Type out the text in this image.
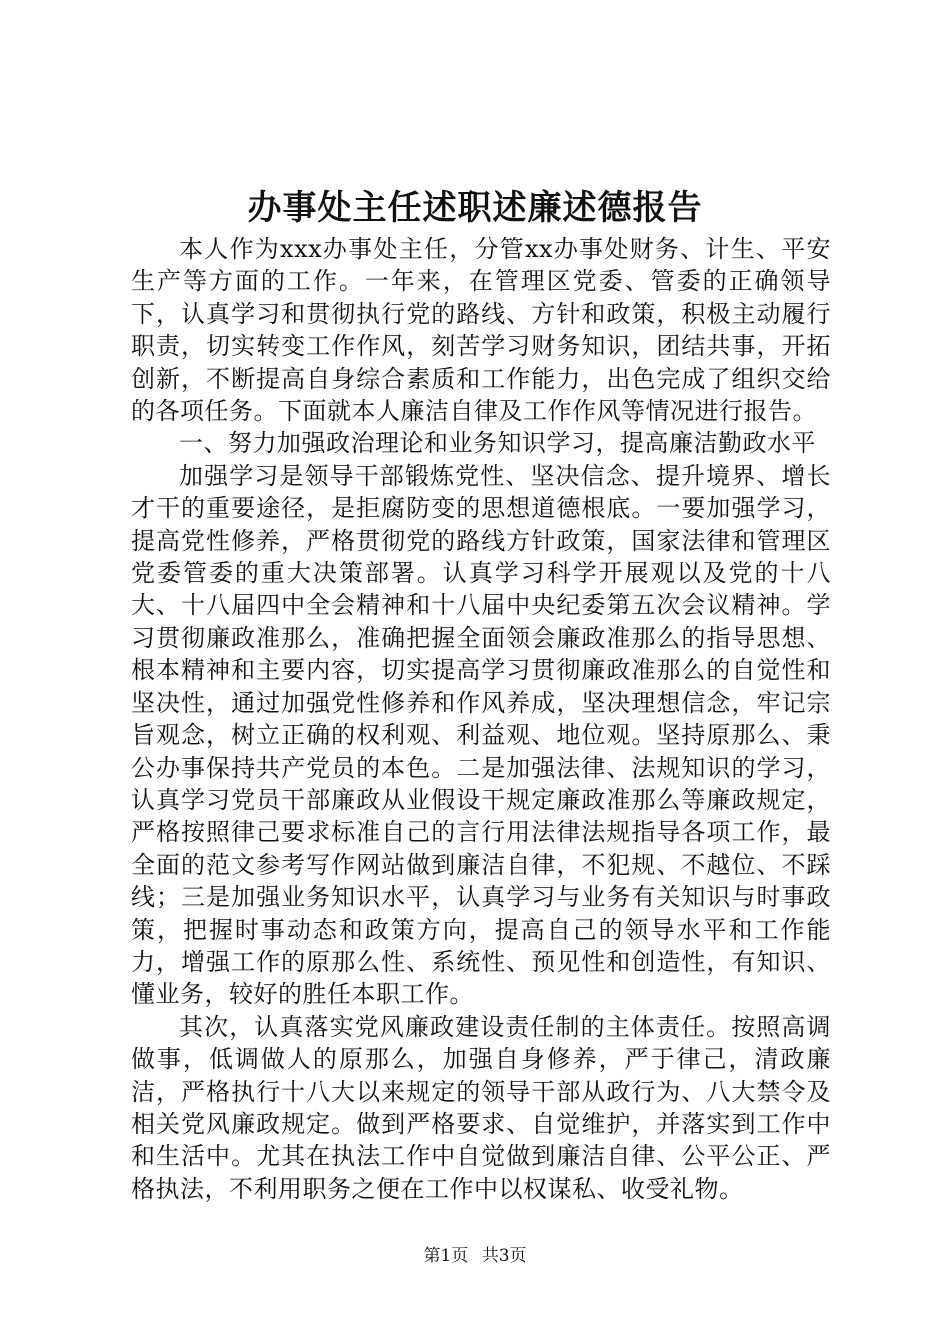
办事处主任述职述廉述德报告

本人作为xxx办事处主任，分管xx办事处财务、计生、平安生产等方面的工作。一年来，在管理区党委、管委的正确领导下，认真学习和贯彻执行党的路线、方针和政策，积极主动履行职责，切实转变工作作风，刻苦学习财务知识，团结共事，开拓创新，不断提高自身综合素质和工作能力，出色完成了组织交给的各项任务。下面就本人廉洁自律及工作作风等情况进行报告。

一、努力加强政治理论和业务知识学习，提高廉洁勤政水平

加强学习是领导干部锻炼党性、坚决信念、提升境界、增长才干的重要途径，是拒腐防变的思想道德根底。一要加强学习，提高党性修养，严格贯彻党的路线方针政策，国家法律和管理区党委管委的重大决策部署。认真学习科学开展观以及党的十八大、十八届四中全会精神和十八届中央纪委第五次会议精神。学习贯彻廉政准那么，准确把握全面领会廉政准那么的指导思想、根本精神和主要内容，切实提高学习贯彻廉政准那么的自觉性和坚决性，通过加强党性修养和作风养成，坚决理想信念，牢记宗旨观念，树立正确的权利观、利益观、地位观。坚持原那么、秉公办事保持共产党员的本色。二是加强法律、法规知识的学习，认真学习党员干部廉政从业假设干规定廉政准那么等廉政规定，严格按照律己要求标准自己的言行用法律法规指导各项工作，最全面的范文参考写作网站做到廉洁自律，不犯规、不越位、不踩线；三是加强业务知识水平，认真学习与业务有关知识与时事政策，把握时事动态和政策方向，提高自己的领导水平和工作能力，增强工作的原那么性、系统性、预见性和创造性，有知识、懂业务，较好的胜任本职工作。

其次，认真落实党风廉政建设责任制的主体责任。按照高调做事，低调做人的原那么，加强自身修养，严于律己，清政廉洁，严格执行十八大以来规定的领导干部从政行为、八大禁令及相关党风廉政规定。做到严格要求、自觉维护，并落实到工作中和生活中。尤其在执法工作中自觉做到廉洁自律、公平公正、严格执法，不利用职务之便在工作中以权谋私、收受礼物。

第1页 共3页
